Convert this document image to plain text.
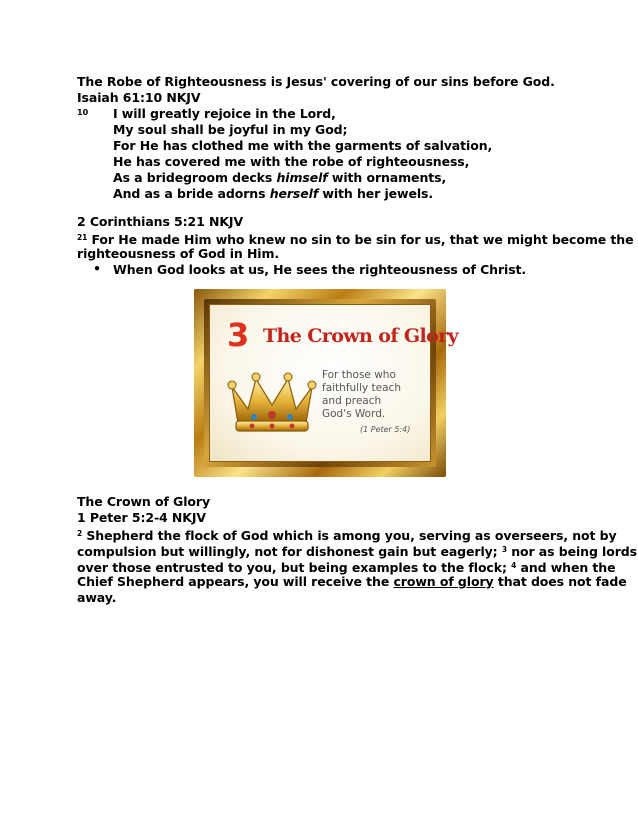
The Robe of Righteousness is Jesus' covering of our sins before God.
Isaiah 61:10 NKJV
10 I will greatly rejoice in the Lord,
My soul shall be joyful in my God;
For He has clothed me with the garments of salvation,
He has covered me with the robe of righteousness,
As a bridegroom decks himself with ornaments,
And as a bride adorns herself with her jewels.
2 Corinthians 5:21 NKJV
$^{21}$ For He made Him who knew no sin to be sin for us, that we might become the
righteousness of God in Him.
• When God looks at us, He sees the righteousness of Christ.
3 The Crown of Glory
For those who
faithfully teach
and preach
God's Word.
(1 Peter 5:4)
The Crown of Glory
1 Peter 5:2-4 NKJV
$^2$ Shepherd the flock of God which is among you, serving as overseers, not by
compulsion but willingly, not for dishonest gain but eagerly; $^3$ nor as being lords
over those entrusted to you, but being examples to the flock; $^4$ and when the
Chief Shepherd appears, you will receive the crown of glory that does not fade
away.
